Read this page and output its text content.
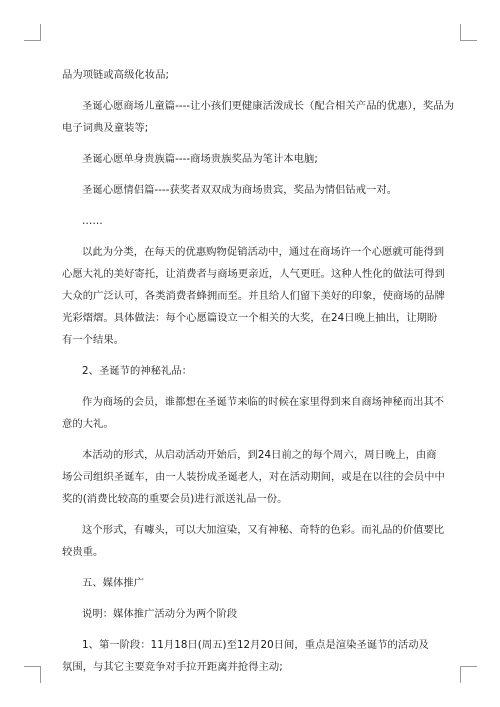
品为项链或高级化妆品;

圣诞心愿商场儿童篇----让小孩们更健康活泼成长（配合相关产品的优惠），奖品为

电子词典及童装等;

圣诞心愿单身贵族篇----商场贵族奖品为笔计本电脑;

圣诞心愿情侣篇----获奖者双双成为商场贵宾，奖品为情侣钻戒一对。

……

以此为分类，在每天的优惠购物促销活动中，通过在商场许一个心愿就可能得到

心愿大礼的美好寄托，让消费者与商场更亲近，人气更旺。这种人性化的做法可得到

大众的广泛认可，各类消费者蜂拥而至。并且给人们留下美好的印象，使商场的品牌

光彩熠熠。具体做法：每个心愿篇设立一个相关的大奖，在24日晚上抽出，让期盼

有一个结果。

2、圣诞节的神秘礼品：

作为商场的会员，谁都想在圣诞节来临的时候在家里得到来自商场神秘而出其不

意的大礼。

本活动的形式，从启动活动开始后，到24日前之的每个周六，周日晚上，由商

场公司组织圣诞车，由一人装扮成圣诞老人，对在活动期间，或是在以往的会员中中

奖的(消费比较高的重要会员)进行派送礼品一份。

这个形式，有噱头，可以大加渲染，又有神秘、奇特的色彩。而礼品的价值要比

较贵重。

五、媒体推广

说明：媒体推广活动分为两个阶段

1、第一阶段：11月18日(周五)至12月20日间，重点是渲染圣诞节的活动及

氛围，与其它主要竞争对手拉开距离并抢得主动;
